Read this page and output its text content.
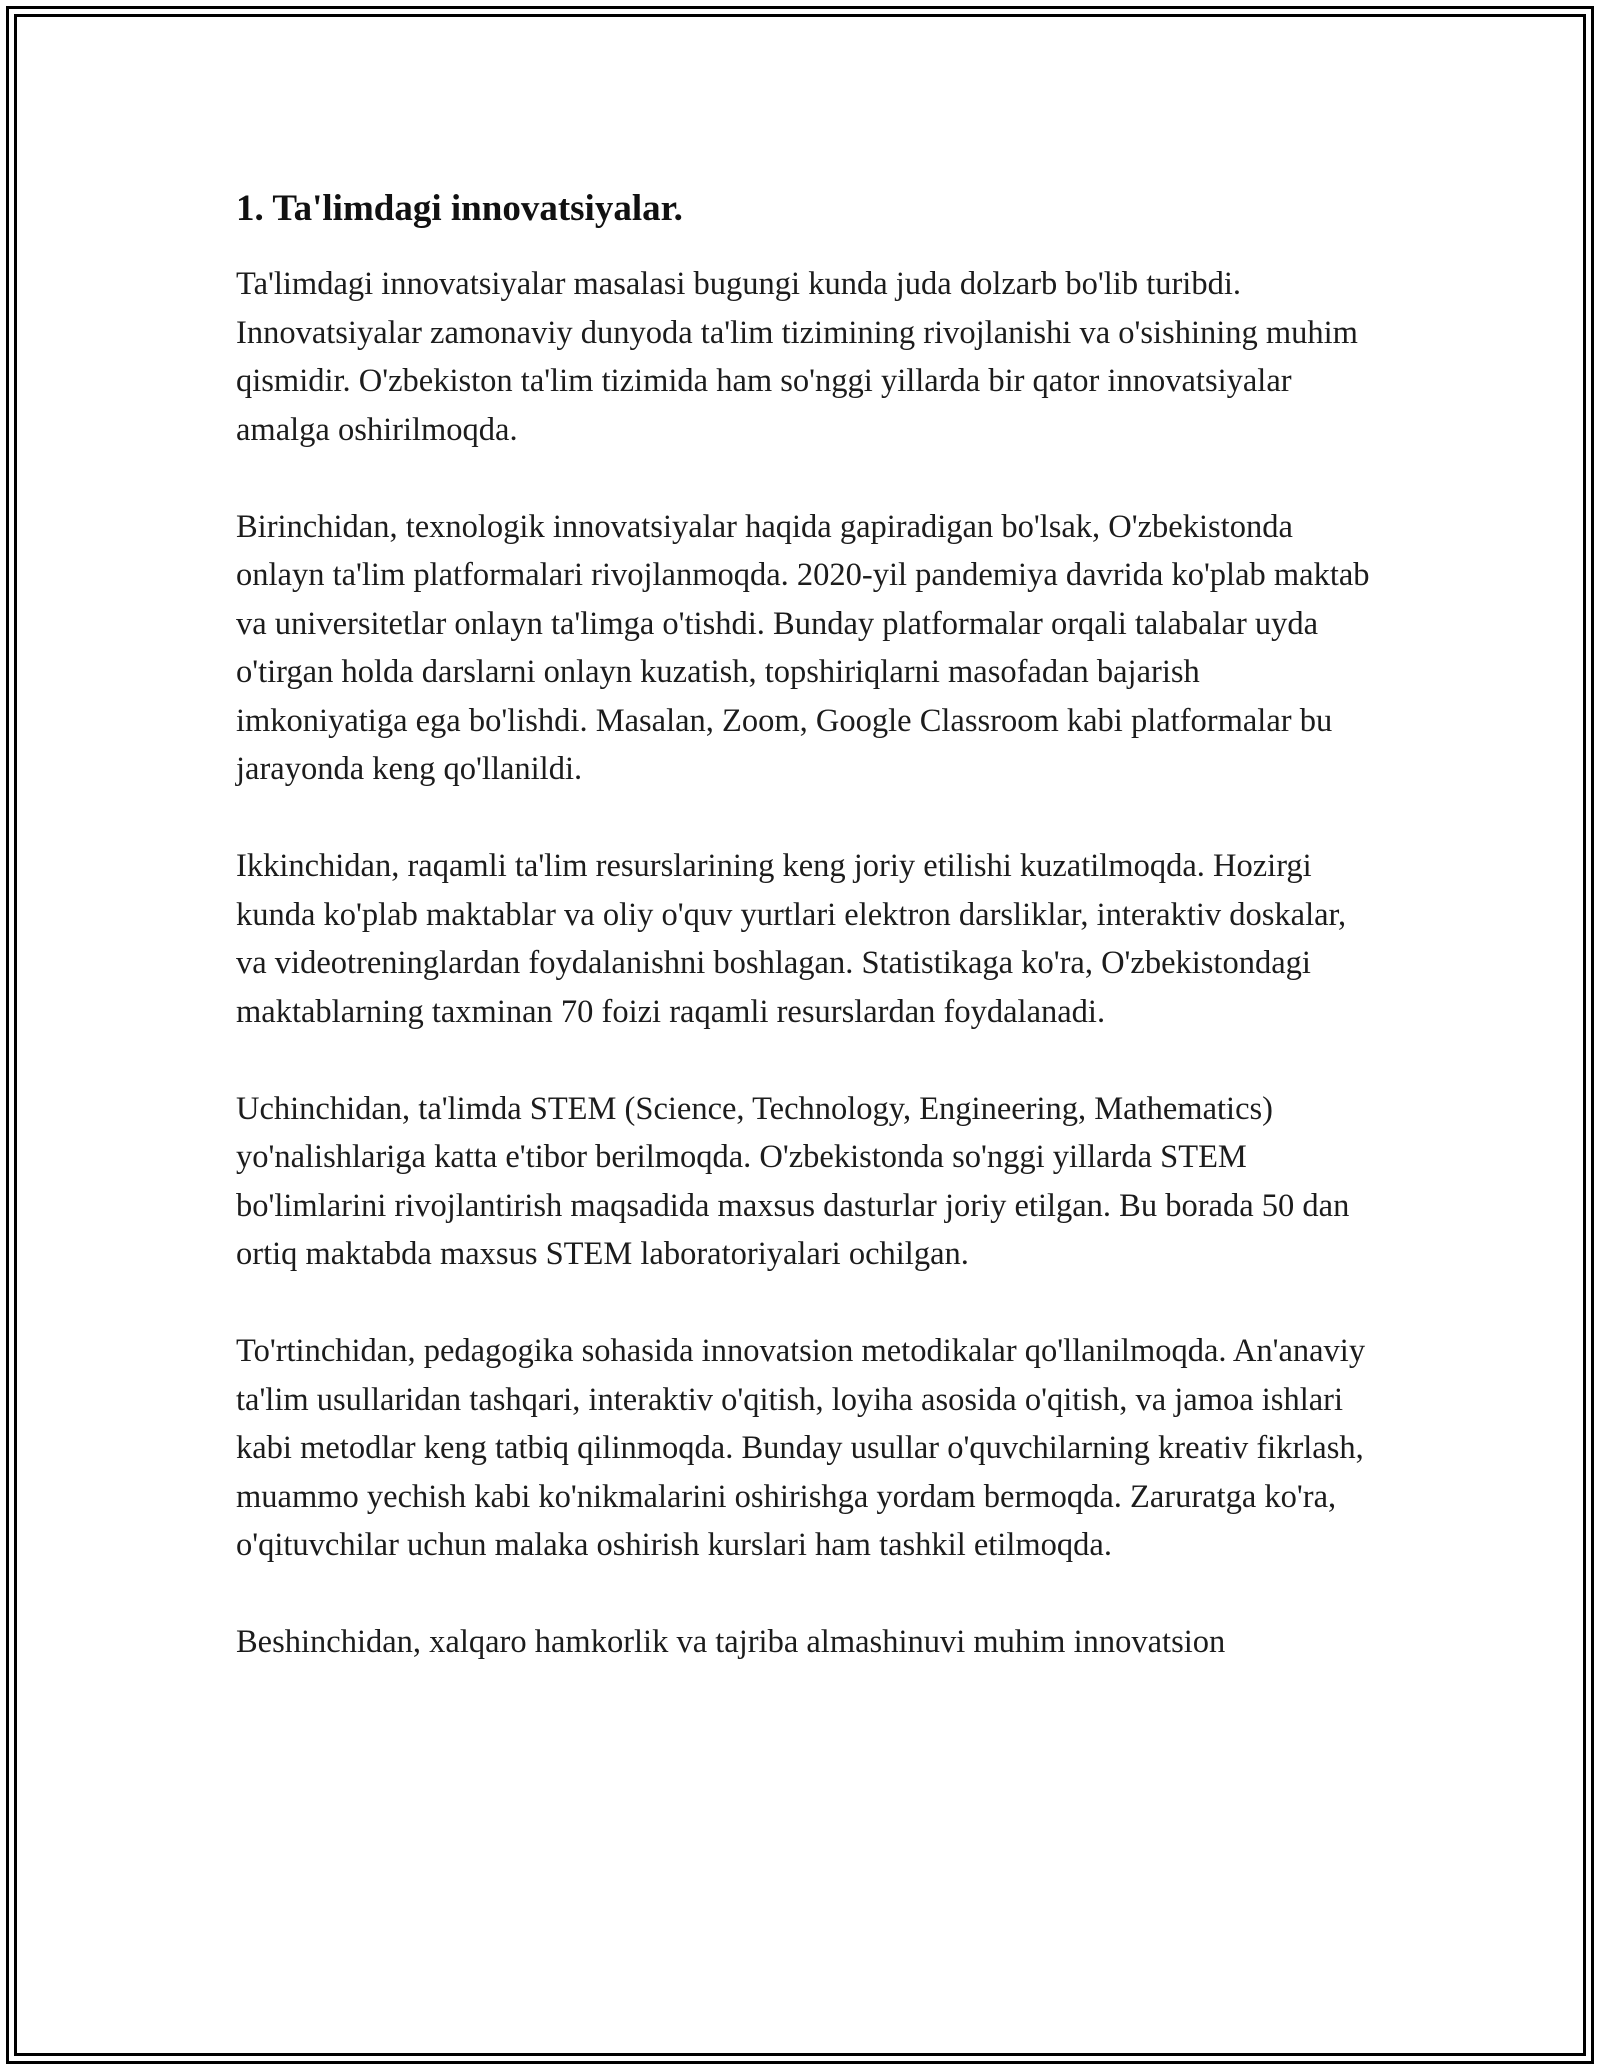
1. Ta'limdagi innovatsiyalar.

Ta'limdagi innovatsiyalar masalasi bugungi kunda juda dolzarb bo'lib turibdi. Innovatsiyalar zamonaviy dunyoda ta'lim tizimining rivojlanishi va o'sishining muhim qismidir. O'zbekiston ta'lim tizimida ham so'nggi yillarda bir qator innovatsiyalar amalga oshirilmoqda.

Birinchidan, texnologik innovatsiyalar haqida gapiradigan bo'lsak, O'zbekistonda onlayn ta'lim platformalari rivojlanmoqda. 2020-yil pandemiya davrida ko'plab maktab va universitetlar onlayn ta'limga o'tishdi. Bunday platformalar orqali talabalar uyda o'tirgan holda darslarni onlayn kuzatish, topshiriqlarni masofadan bajarish imkoniyatiga ega bo'lishdi. Masalan, Zoom, Google Classroom kabi platformalar bu jarayonda keng qo'llanildi.

Ikkinchidan, raqamli ta'lim resurslarining keng joriy etilishi kuzatilmoqda. Hozirgi kunda ko'plab maktablar va oliy o'quv yurtlari elektron darsliklar, interaktiv doskalar, va videotreninglardan foydalanishni boshlagan. Statistikaga ko'ra, O'zbekistondagi maktablarning taxminan 70 foizi raqamli resurslardan foydalanadi.

Uchinchidan, ta'limda STEM (Science, Technology, Engineering, Mathematics) yo'nalishlariga katta e'tibor berilmoqda. O'zbekistonda so'nggi yillarda STEM bo'limlarini rivojlantirish maqsadida maxsus dasturlar joriy etilgan. Bu borada 50 dan ortiq maktabda maxsus STEM laboratoriyalari ochilgan.

To'rtinchidan, pedagogika sohasida innovatsion metodikalar qo'llanilmoqda. An'anaviy ta'lim usullaridan tashqari, interaktiv o'qitish, loyiha asosida o'qitish, va jamoa ishlari kabi metodlar keng tatbiq qilinmoqda. Bunday usullar o'quvchilarning kreativ fikrlash, muammo yechish kabi ko'nikmalarini oshirishga yordam bermoqda. Zaruratga ko'ra, o'qituvchilar uchun malaka oshirish kurslari ham tashkil etilmoqda.

Beshinchidan, xalqaro hamkorlik va tajriba almashinuvi muhim innovatsion
